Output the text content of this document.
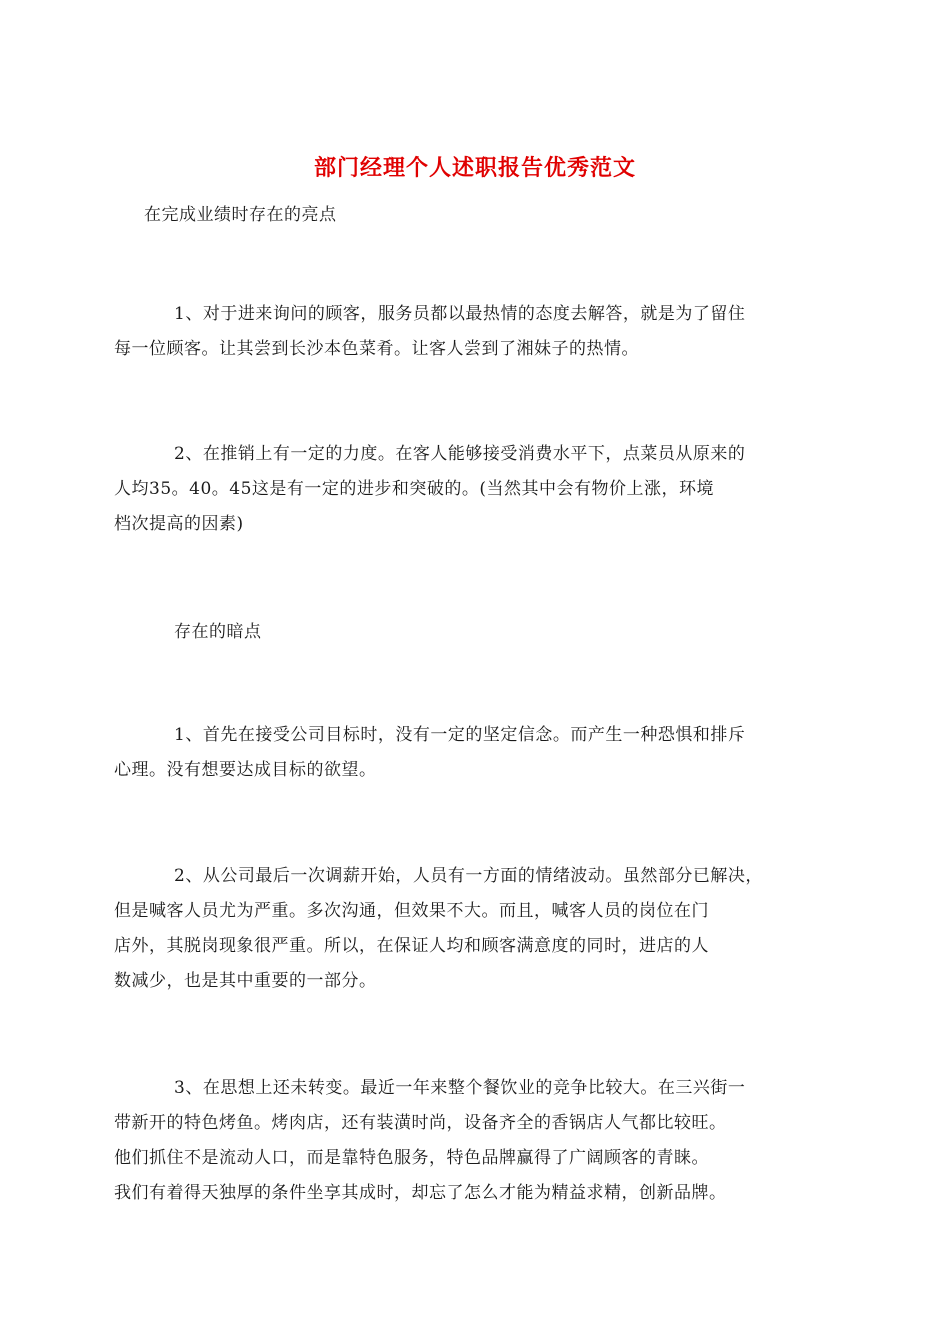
部门经理个人述职报告优秀范文
在完成业绩时存在的亮点
1、对于进来询问的顾客，服务员都以最热情的态度去解答，就是为了留住
每一位顾客。让其尝到长沙本色菜肴。让客人尝到了湘妹子的热情。
2、在推销上有一定的力度。在客人能够接受消费水平下，点菜员从原来的
人均35。40。45这是有一定的进步和突破的。(当然其中会有物价上涨，环境
档次提高的因素)
存在的暗点
1、首先在接受公司目标时，没有一定的坚定信念。而产生一种恐惧和排斥
心理。没有想要达成目标的欲望。
2、从公司最后一次调薪开始，人员有一方面的情绪波动。虽然部分已解决，
但是喊客人员尤为严重。多次沟通，但效果不大。而且，喊客人员的岗位在门
店外，其脱岗现象很严重。所以，在保证人均和顾客满意度的同时，进店的人
数减少，也是其中重要的一部分。
3、在思想上还未转变。最近一年来整个餐饮业的竞争比较大。在三兴街一
带新开的特色烤鱼。烤肉店，还有装潢时尚，设备齐全的香锅店人气都比较旺。
他们抓住不是流动人口，而是靠特色服务，特色品牌赢得了广阔顾客的青睐。
我们有着得天独厚的条件坐享其成时，却忘了怎么才能为精益求精，创新品牌。
